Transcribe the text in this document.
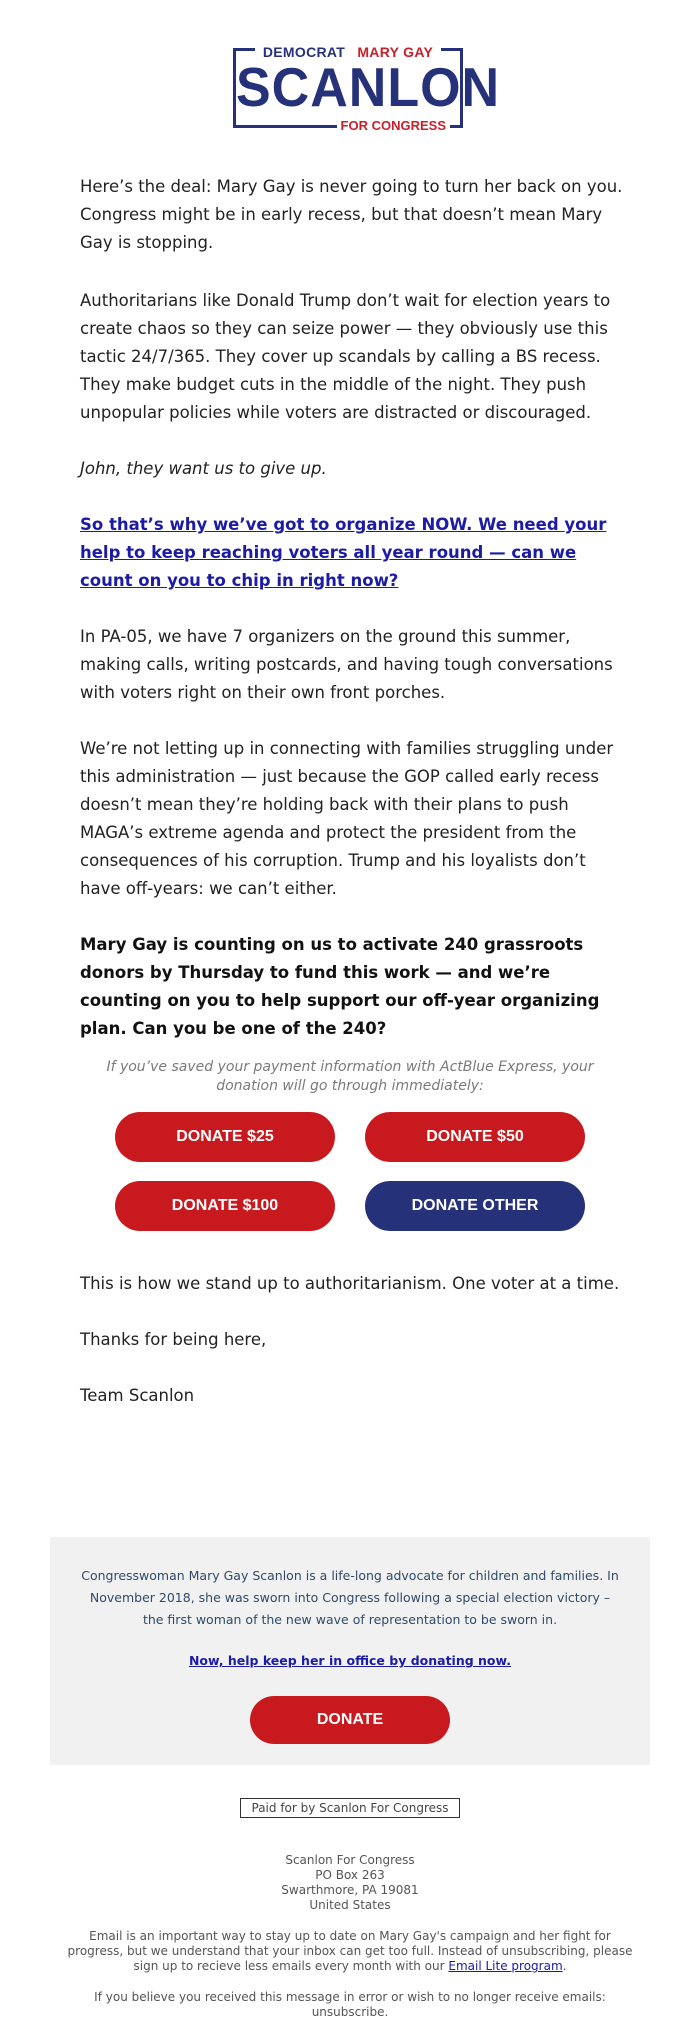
DEMOCRAT MARY GAY
SCANLON
FOR CONGRESS
Here’s the deal: Mary Gay is never going to turn her back on you. Congress might be in early recess, but that doesn’t mean Mary Gay is stopping.
Authoritarians like Donald Trump don’t wait for election years to create chaos so they can seize power — they obviously use this tactic 24/7/365. They cover up scandals by calling a BS recess. They make budget cuts in the middle of the night. They push unpopular policies while voters are distracted or discouraged.
John, they want us to give up.
So that’s why we’ve got to organize NOW. We need your help to keep reaching voters all year round — can we count on you to chip in right now?
In PA-05, we have 7 organizers on the ground this summer, making calls, writing postcards, and having tough conversations with voters right on their own front porches.
We’re not letting up in connecting with families struggling under this administration — just because the GOP called early recess doesn’t mean they’re holding back with their plans to push MAGA’s extreme agenda and protect the president from the consequences of his corruption. Trump and his loyalists don’t have off-years: we can’t either.
Mary Gay is counting on us to activate 240 grassroots donors by Thursday to fund this work — and we’re counting on you to help support our off-year organizing plan. Can you be one of the 240?
If you’ve saved your payment information with ActBlue Express, your donation will go through immediately:
DONATE $25	DONATE $50
DONATE $100	DONATE OTHER
This is how we stand up to authoritarianism. One voter at a time.
Thanks for being here,
Team Scanlon
Congresswoman Mary Gay Scanlon is a life-long advocate for children and families. In November 2018, she was sworn into Congress following a special election victory – the first woman of the new wave of representation to be sworn in.
Now, help keep her in office by donating now.
DONATE
Paid for by Scanlon For Congress
Scanlon For Congress
PO Box 263
Swarthmore, PA 19081
United States
Email is an important way to stay up to date on Mary Gay's campaign and her fight for progress, but we understand that your inbox can get too full. Instead of unsubscribing, please sign up to recieve less emails every month with our Email Lite program.
If you believe you received this message in error or wish to no longer receive emails: unsubscribe.
